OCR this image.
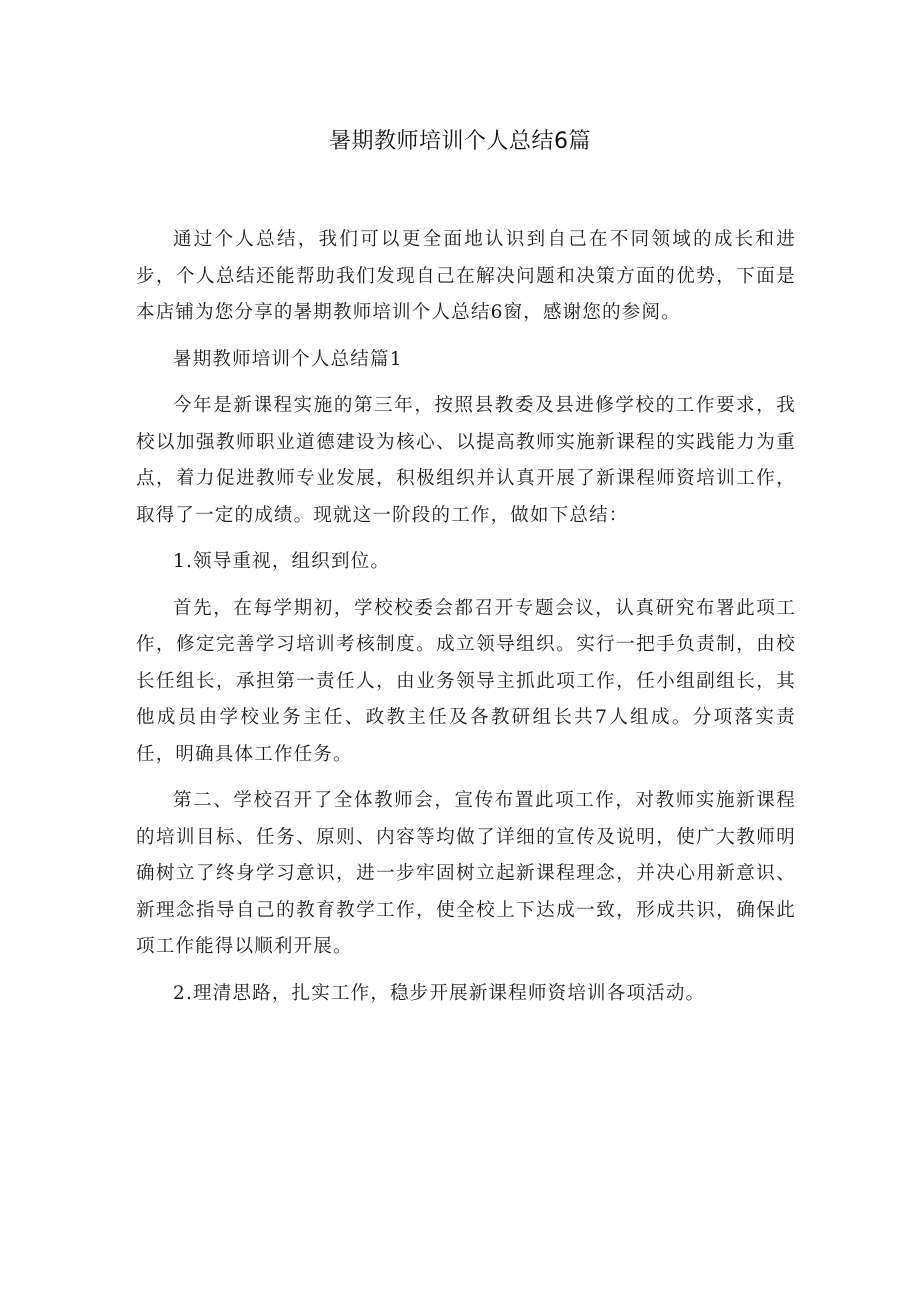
暑期教师培训个人总结6篇

通过个人总结，我们可以更全面地认识到自己在不同领域的成长和进步，个人总结还能帮助我们发现自己在解决问题和决策方面的优势，下面是本店铺为您分享的暑期教师培训个人总结6窗，感谢您的参阅。

暑期教师培训个人总结篇1

今年是新课程实施的第三年，按照县教委及县进修学校的工作要求，我校以加强教师职业道德建设为核心、以提高教师实施新课程的实践能力为重点，着力促进教师专业发展，积极组织并认真开展了新课程师资培训工作，取得了一定的成绩。现就这一阶段的工作，做如下总结：

1.领导重视，组织到位。

首先，在每学期初，学校校委会都召开专题会议，认真研究布署此项工作，修定完善学习培训考核制度。成立领导组织。实行一把手负责制，由校长任组长，承担第一责任人，由业务领导主抓此项工作，任小组副组长，其他成员由学校业务主任、政教主任及各教研组长共7人组成。分项落实责任，明确具体工作任务。

第二、学校召开了全体教师会，宣传布置此项工作，对教师实施新课程的培训目标、任务、原则、内容等均做了详细的宣传及说明，使广大教师明确树立了终身学习意识，进一步牢固树立起新课程理念，并决心用新意识、新理念指导自己的教育教学工作，使全校上下达成一致，形成共识，确保此项工作能得以顺利开展。

2.理清思路，扎实工作，稳步开展新课程师资培训各项活动。
